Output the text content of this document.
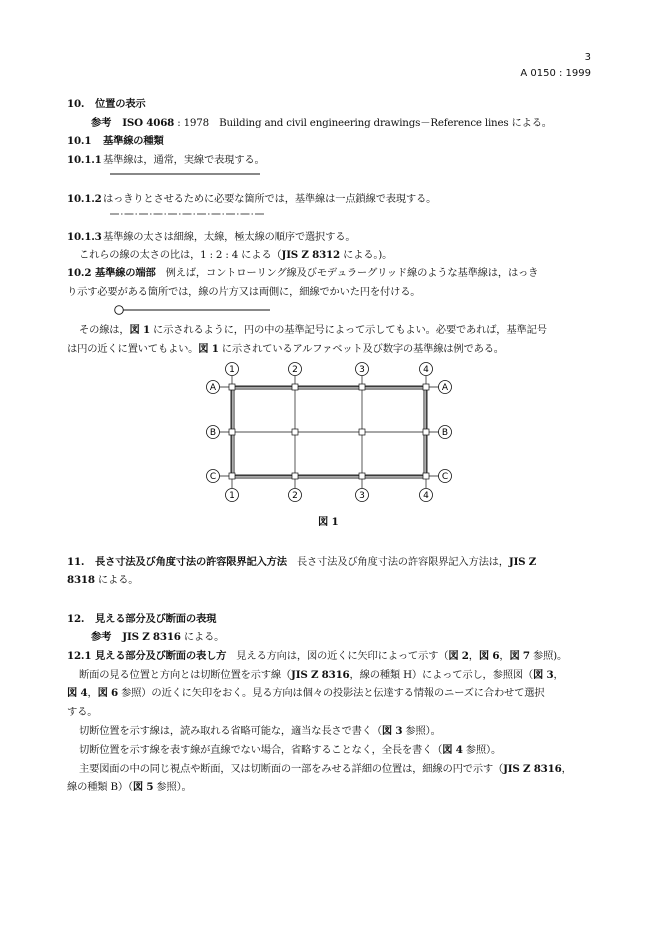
3
A 0150 : 1999
10. 位置の表示
参考 ISO 4068 : 1978　Building and civil engineering drawings－Reference lines による。
10.1 基準線の種類
10.1.1基準線は，通常，実線で表現する。
10.1.2はっきりとさせるために必要な箇所では，基準線は一点鎖線で表現する。
10.1.3基準線の太さは細線，太線，極太線の順序で選択する。
これらの線の太さの比は，1 : 2 : 4 による（JIS Z 8312 による。)。
10.2 基準線の端部 例えば，コントローリング線及びモデュラーグリッド線のような基準線は，はっき
り示す必要がある箇所では，線の片方又は両側に，細線でかいた円を付ける。
その線は，図 1 に示されるように，円の中の基準記号によって示してもよい。必要であれば，基準記号
は円の近くに置いてもよい。図 1 に示されているアルファベット及び数字の基準線は例である。
1	2	3	4
1	2	3	4
A
B
C
A
B
C
図 1
11. 長さ寸法及び角度寸法の許容限界記入方法 長さ寸法及び角度寸法の許容限界記入方法は，JIS Z
8318 による。
12. 見える部分及び断面の表現
参考 JIS Z 8316 による。
12.1 見える部分及び断面の表し方 見える方向は，図の近くに矢印によって示す（図 2，図 6，図 7 参照)。
断面の見る位置と方向とは切断位置を示す線（JIS Z 8316，線の種類 H）によって示し，参照図（図 3，
図 4，図 6 参照）の近くに矢印をおく。見る方向は個々の投影法と伝達する情報のニーズに合わせて選択
する。
切断位置を示す線は，読み取れる省略可能な，適当な長さで書く（図 3 参照）。
切断位置を示す線を表す線が直線でない場合，省略することなく，全長を書く（図 4 参照）。
主要図面の中の同じ視点や断面，又は切断面の一部をみせる詳細の位置は，細線の円で示す（JIS Z 8316，
線の種類 B）（図 5 参照）。
